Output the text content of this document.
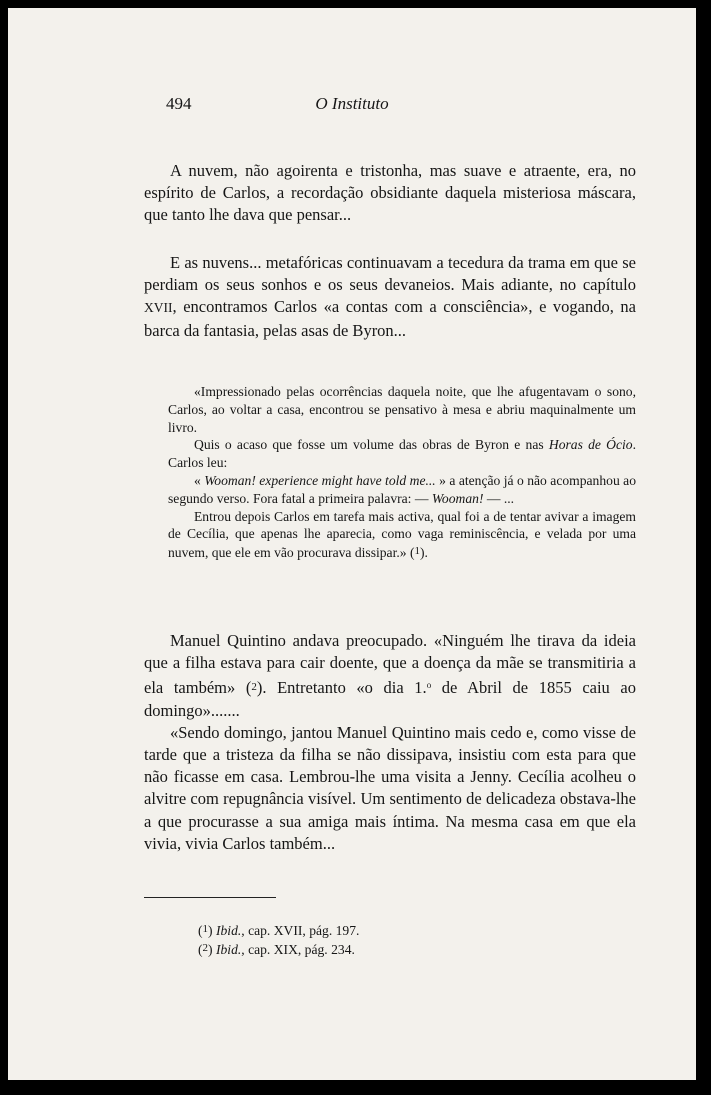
494	O Instituto

A nuvem, não agoirenta e tristonha, mas suave e atraente, era, no espírito de Carlos, a recordação obsidiante daquela misteriosa máscara, que tanto lhe dava que pensar...

E as nuvens... metafóricas continuavam a tecedura da trama em que se perdiam os seus sonhos e os seus devaneios. Mais adiante, no capítulo XVII, encontramos Carlos «a contas com a consciência», e vogando, na barca da fantasia, pelas asas de Byron...

«Impressionado pelas ocorrências daquela noite, que lhe afugentavam o sono, Carlos, ao voltar a casa, encontrou se pensativo à mesa e abriu maquinalmente um livro.

Quis o acaso que fosse um volume das obras de Byron e nas Horas de Ócio. Carlos leu:

« Wooman! experience might have told me... » a atenção já o não acompanhou ao segundo verso. Fora fatal a primeira palavra: — Wooman! — ...

Entrou depois Carlos em tarefa mais activa, qual foi a de tentar avivar a imagem de Cecília, que apenas lhe aparecia, como vaga reminiscência, e velada por uma nuvem, que ele em vão procurava dissipar.» ($^1$).

Manuel Quintino andava preocupado. «Ninguém lhe tirava da ideia que a filha estava para cair doente, que a doença da mãe se transmitiria a ela também» ($^2$). Entretanto «o dia 1.$^o$ de Abril de 1855 caiu ao domingo».......

«Sendo domingo, jantou Manuel Quintino mais cedo e, como visse de tarde que a tristeza da filha se não dissipava, insistiu com esta para que não ficasse em casa. Lembrou-lhe uma visita a Jenny. Cecília acolheu o alvitre com repugnância visível. Um sentimento de delicadeza obstava-lhe a que procurasse a sua amiga mais íntima. Na mesma casa em que ela vivia, vivia Carlos também...

($^1$) Ibid., cap. XVII, pág. 197.
($^2$) Ibid., cap. XIX, pág. 234.
